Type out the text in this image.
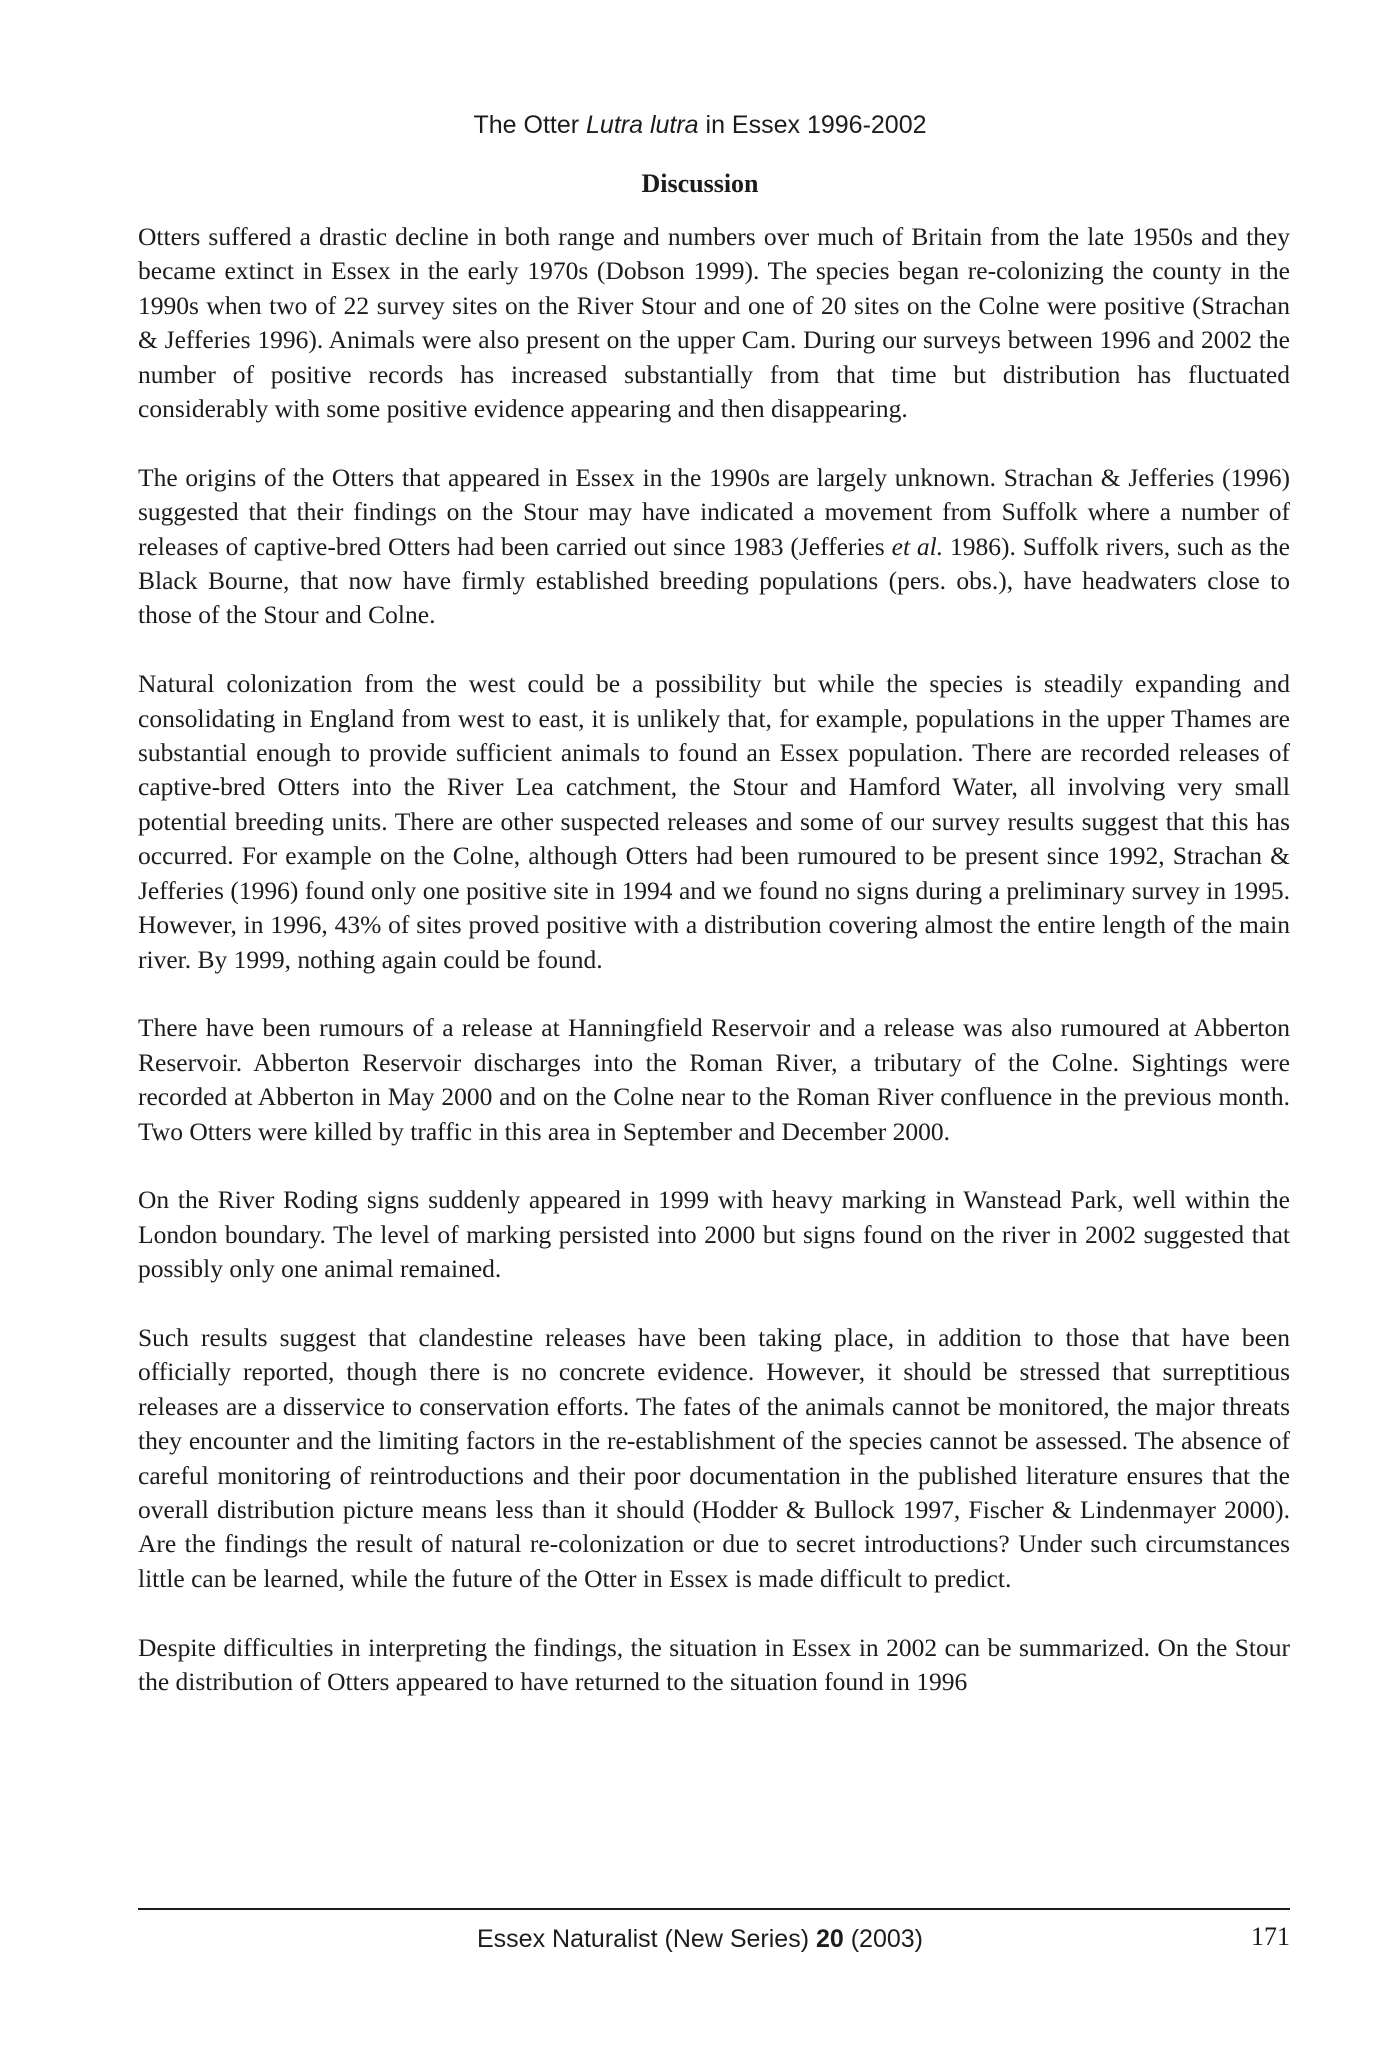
The Otter Lutra lutra in Essex 1996-2002
Discussion

Otters suffered a drastic decline in both range and numbers over much of Britain from the late 1950s and they became extinct in Essex in the early 1970s (Dobson 1999). The species began re-colonizing the county in the 1990s when two of 22 survey sites on the River Stour and one of 20 sites on the Colne were positive (Strachan & Jefferies 1996). Animals were also present on the upper Cam. During our surveys between 1996 and 2002 the number of positive records has increased substantially from that time but distribution has fluctuated considerably with some positive evidence appearing and then disappearing.

The origins of the Otters that appeared in Essex in the 1990s are largely unknown. Strachan & Jefferies (1996) suggested that their findings on the Stour may have indicated a movement from Suffolk where a number of releases of captive-bred Otters had been carried out since 1983 (Jefferies et al. 1986). Suffolk rivers, such as the Black Bourne, that now have firmly established breeding populations (pers. obs.), have headwaters close to those of the Stour and Colne.

Natural colonization from the west could be a possibility but while the species is steadily expanding and consolidating in England from west to east, it is unlikely that, for example, populations in the upper Thames are substantial enough to provide sufficient animals to found an Essex population. There are recorded releases of captive-bred Otters into the River Lea catchment, the Stour and Hamford Water, all involving very small potential breeding units. There are other suspected releases and some of our survey results suggest that this has occurred. For example on the Colne, although Otters had been rumoured to be present since 1992, Strachan & Jefferies (1996) found only one positive site in 1994 and we found no signs during a preliminary survey in 1995. However, in 1996, 43% of sites proved positive with a distribution covering almost the entire length of the main river. By 1999, nothing again could be found.

There have been rumours of a release at Hanningfield Reservoir and a release was also rumoured at Abberton Reservoir. Abberton Reservoir discharges into the Roman River, a tributary of the Colne. Sightings were recorded at Abberton in May 2000 and on the Colne near to the Roman River confluence in the previous month. Two Otters were killed by traffic in this area in September and December 2000.

On the River Roding signs suddenly appeared in 1999 with heavy marking in Wanstead Park, well within the London boundary. The level of marking persisted into 2000 but signs found on the river in 2002 suggested that possibly only one animal remained.

Such results suggest that clandestine releases have been taking place, in addition to those that have been officially reported, though there is no concrete evidence. However, it should be stressed that surreptitious releases are a disservice to conservation efforts. The fates of the animals cannot be monitored, the major threats they encounter and the limiting factors in the re-establishment of the species cannot be assessed. The absence of careful monitoring of reintroductions and their poor documentation in the published literature ensures that the overall distribution picture means less than it should (Hodder & Bullock 1997, Fischer & Lindenmayer 2000). Are the findings the result of natural re-colonization or due to secret introductions? Under such circumstances little can be learned, while the future of the Otter in Essex is made difficult to predict.

Despite difficulties in interpreting the findings, the situation in Essex in 2002 can be summarized. On the Stour the distribution of Otters appeared to have returned to the situation found in 1996

Essex Naturalist (New Series) 20 (2003)	171
